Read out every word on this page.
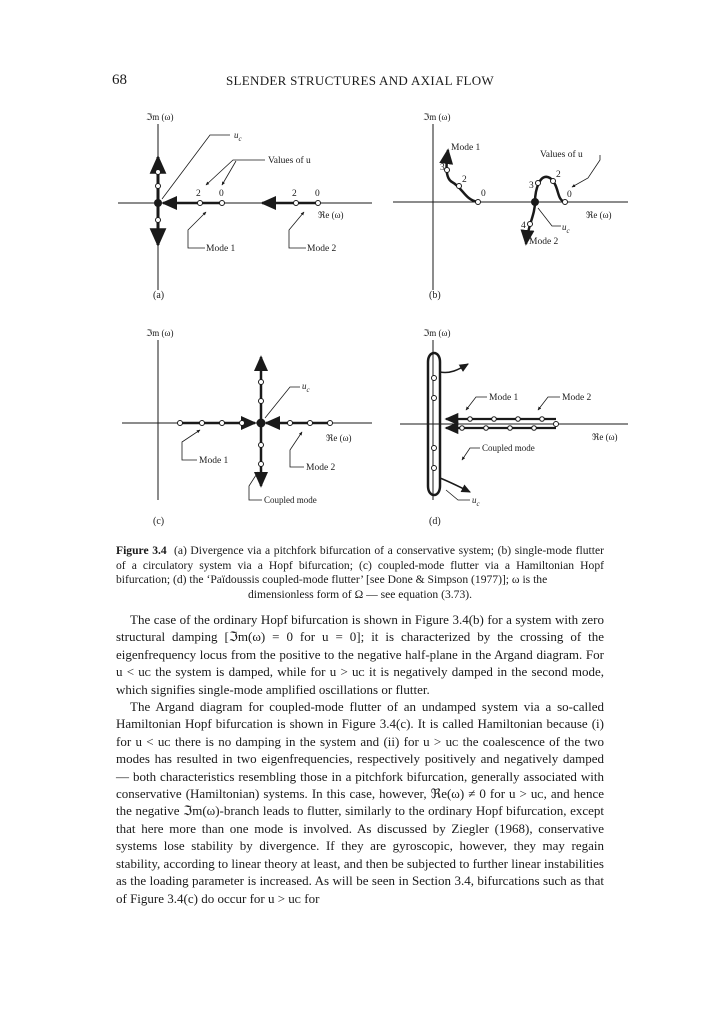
68	SLENDER STRUCTURES AND AXIAL FLOW
ℑm (ω)
ℜe (ω)
2 0	2 0
$u_c$
Values of u
Mode 1	Mode 2
(a)
ℑm (ω)
ℜe (ω)
3
2
0
3
2
0
4
Mode 1
Values of u
$u_c$
Mode 2
(b)
ℑm (ω)
ℜe (ω)
$u_c$
Mode 1
Mode 2
Coupled mode
(c)
ℑm (ω)
ℜe (ω)
Mode 1	Mode 2
Coupled mode
$u_c$
(d)
Figure 3.4 (a) Divergence via a pitchfork bifurcation of a conservative system; (b) single-mode flutter of a circulatory system via a Hopf bifurcation; (c) coupled-mode flutter via a Hamiltonian Hopf bifurcation; (d) the ‘Païdoussis coupled-mode flutter’ [see Done & Simpson (1977)]; ω is the
dimensionless form of Ω — see equation (3.73).

The case of the ordinary Hopf bifurcation is shown in Figure 3.4(b) for a system with zero structural damping [ℑm(ω) = 0 for u = 0]; it is characterized by the crossing of the eigenfrequency locus from the positive to the negative half-plane in the Argand diagram. For u < uᴄ the system is damped, while for u > uᴄ it is negatively damped in the second mode, which signifies single-mode amplified oscillations or flutter.

The Argand diagram for coupled-mode flutter of an undamped system via a so-called Hamiltonian Hopf bifurcation is shown in Figure 3.4(c). It is called Hamiltonian because (i) for u < uᴄ there is no damping in the system and (ii) for u > uᴄ the coalescence of the two modes has resulted in two eigenfrequencies, respectively positively and negatively damped — both characteristics resembling those in a pitchfork bifurcation, generally associated with conservative (Hamiltonian) systems. In this case, however, ℜe(ω) ≠ 0 for u > uᴄ, and hence the negative ℑm(ω)-branch leads to flutter, similarly to the ordinary Hopf bifurcation, except that here more than one mode is involved. As discussed by Ziegler (1968), conservative systems lose stability by divergence. If they are gyroscopic, however, they may regain stability, according to linear theory at least, and then be subjected to further linear instabilities as the loading parameter is increased. As will be seen in Section 3.4, bifurcations such as that of Figure 3.4(c) do occur for u > uᴄ for
